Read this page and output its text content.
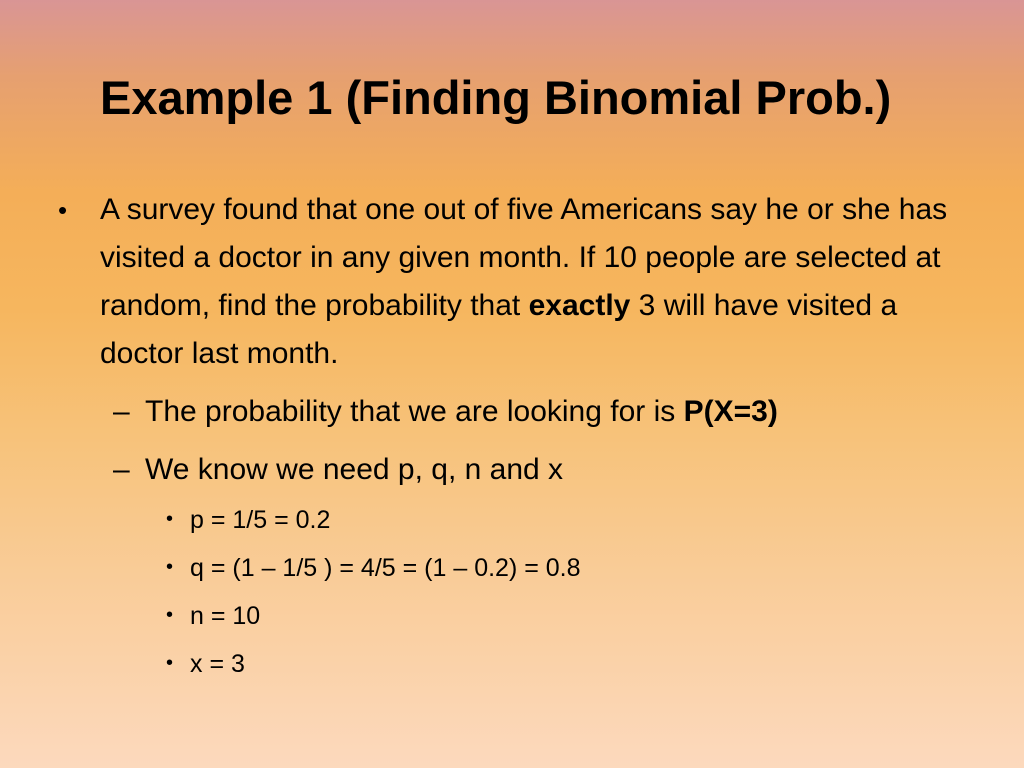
Example 1 (Finding Binomial Prob.)
•	A survey found that one out of five Americans say he or she has visited a doctor in any given month. If 10 people are selected at random, find the probability that exactly 3 will have visited a doctor last month.
– The probability that we are looking for is P(X=3)
– We know we need p, q, n and x
• p = 1/5 = 0.2
• q = (1 – 1/5 ) = 4/5 = (1 – 0.2) = 0.8
• n = 10
• x = 3
